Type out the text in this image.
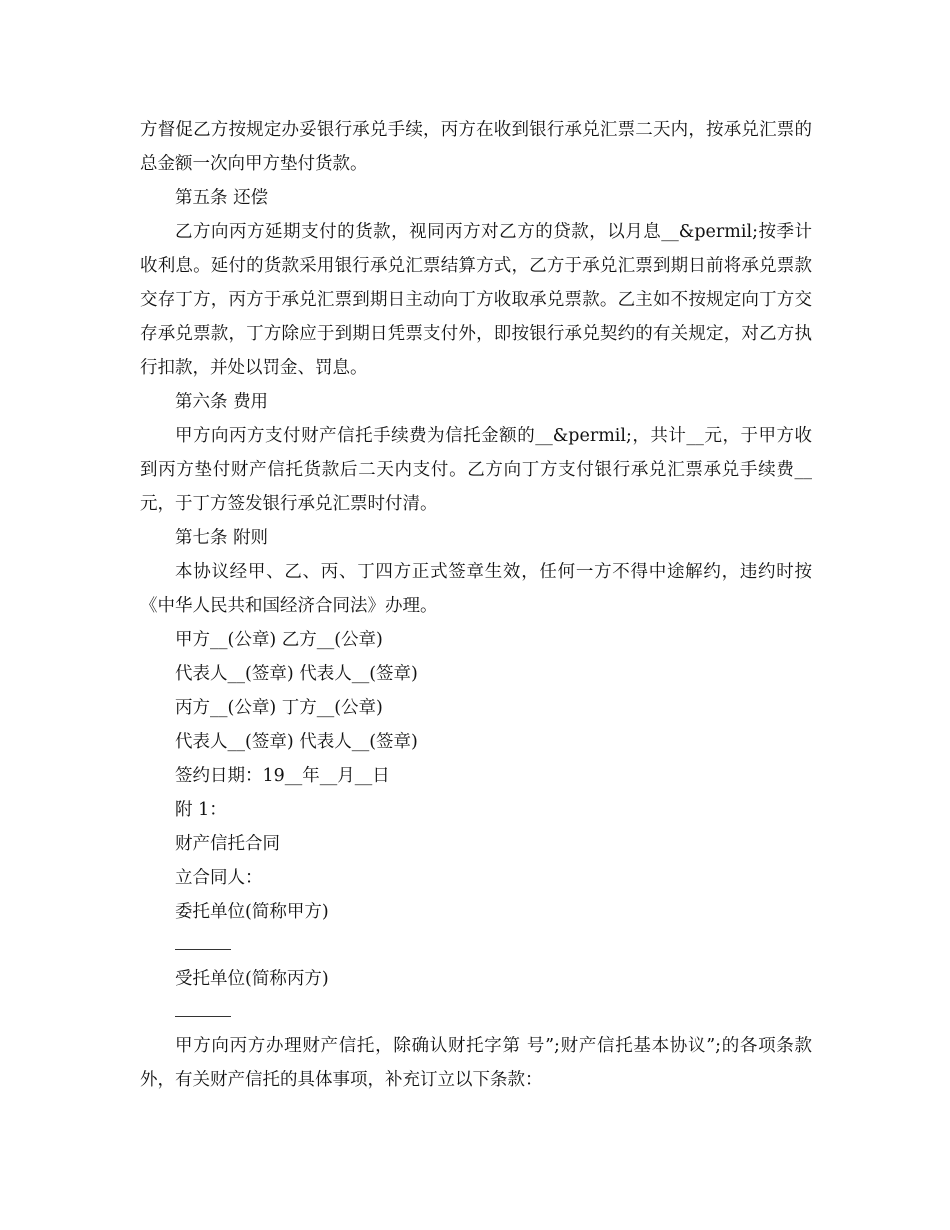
方督促乙方按规定办妥银行承兑手续，丙方在收到银行承兑汇票二天内，按承兑汇票的总金额一次向甲方垫付货款。

第五条 还偿

乙方向丙方延期支付的货款，视同丙方对乙方的贷款，以月息__&permil;按季计收利息。延付的货款采用银行承兑汇票结算方式，乙方于承兑汇票到期日前将承兑票款交存丁方，丙方于承兑汇票到期日主动向丁方收取承兑票款。乙主如不按规定向丁方交存承兑票款，丁方除应于到期日凭票支付外，即按银行承兑契约的有关规定，对乙方执行扣款，并处以罚金、罚息。

第六条 费用

甲方向丙方支付财产信托手续费为信托金额的__&permil;，共计__元，于甲方收到丙方垫付财产信托货款后二天内支付。乙方向丁方支付银行承兑汇票承兑手续费__元，于丁方签发银行承兑汇票时付清。

第七条 附则

本协议经甲、乙、丙、丁四方正式签章生效，任何一方不得中途解约，违约时按《中华人民共和国经济合同法》办理。

甲方__(公章) 乙方__(公章)

代表人__(签章) 代表人__(签章)

丙方__(公章) 丁方__(公章)

代表人__(签章) 代表人__(签章)

签约日期：19__年__月__日

附 1：

财产信托合同

立合同人：

委托单位(简称甲方)

受托单位(简称丙方)

甲方向丙方办理财产信托，除确认财托字第 号”;财产信托基本协议”;的各项条款外，有关财产信托的具体事项，补充订立以下条款：
